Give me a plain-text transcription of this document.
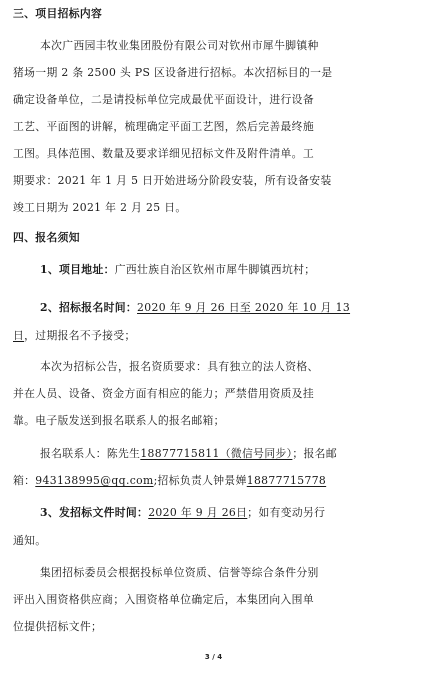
三、项目招标内容
本次广西园丰牧业集团股份有限公司对钦州市犀牛脚镇种
猪场一期 2 条 2500 头 PS 区设备进行招标。本次招标目的一是
确定设备单位，二是请投标单位完成最优平面设计，进行设备
工艺、平面图的讲解，梳理确定平面工艺图，然后完善最终施
工图。具体范围、数量及要求详细见招标文件及附件清单。工
期要求：2021 年 1 月 5 日开始进场分阶段安装，所有设备安装
竣工日期为 2021 年 2 月 25 日。
四、报名须知
1、项目地址：广西壮族自治区钦州市犀牛脚镇西坑村；
2、招标报名时间：2020 年 9 月 26 日至 2020 年 10 月 13
日，过期报名不予接受；
本次为招标公告，报名资质要求：具有独立的法人资格、
并在人员、设备、资金方面有相应的能力；严禁借用资质及挂
靠。电子版发送到报名联系人的报名邮箱；
报名联系人：陈先生18877715811（微信号同步）；报名邮
箱：943138995@qq.com;招标负责人钟景婵18877715778
3、发招标文件时间：2020 年 9 月 26日；如有变动另行
通知。
集团招标委员会根据投标单位资质、信誉等综合条件分别
评出入围资格供应商；入围资格单位确定后，本集团向入围单
位提供招标文件；
3 / 4
